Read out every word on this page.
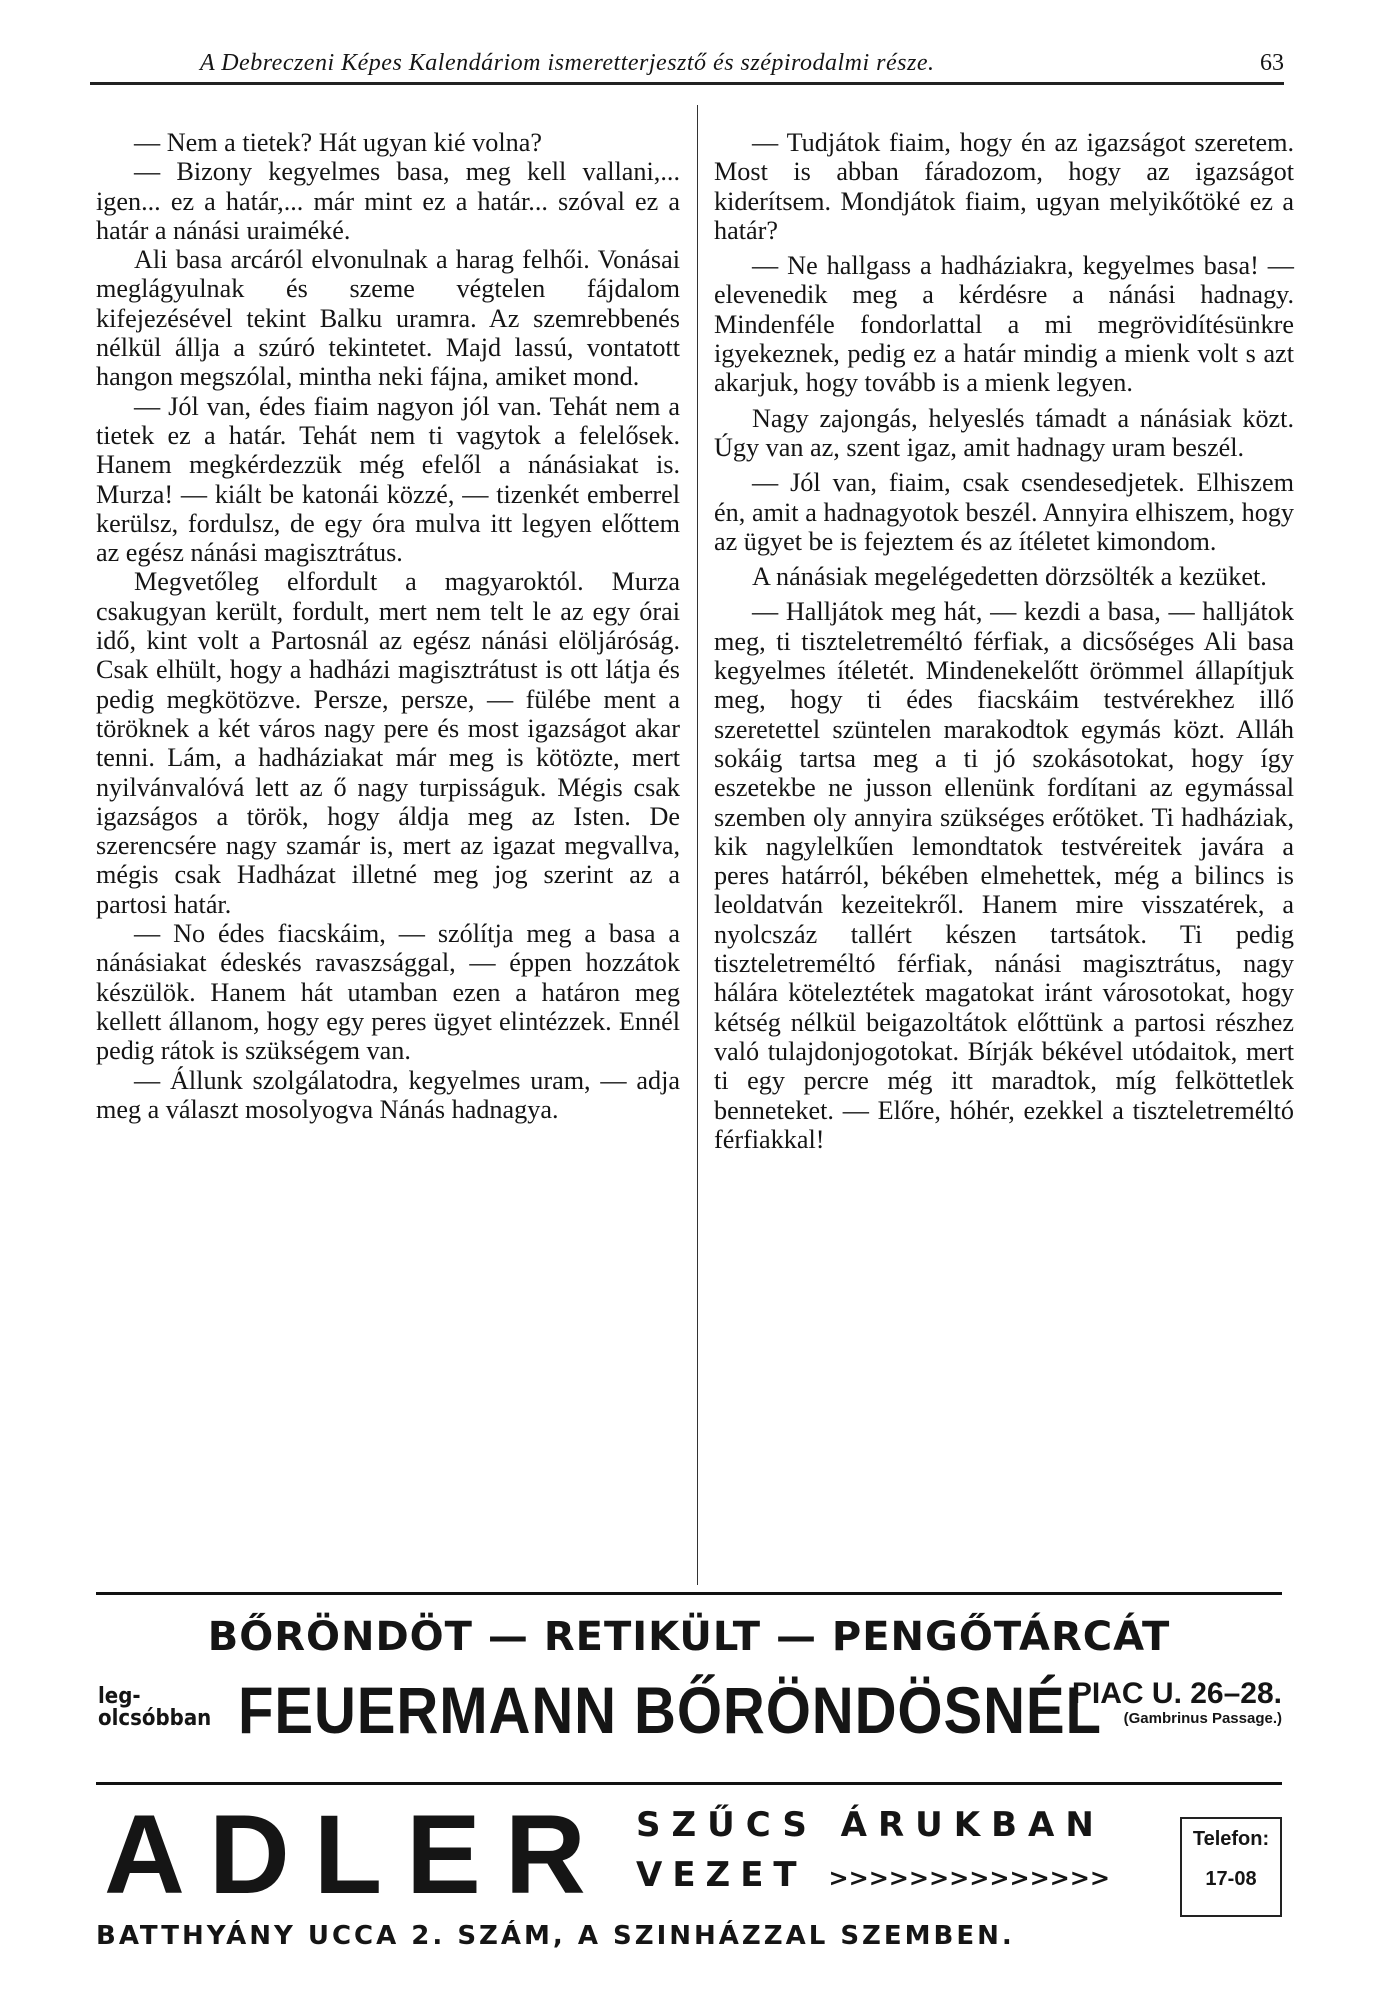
A Debreczeni Képes Kalendáriom ismeretterjesztő és szépirodalmi része.	63

— Nem a tietek? Hát ugyan kié volna?

— Bizony kegyelmes basa, meg kell vallani,... igen... ez a határ,... már mint ez a határ... szóval ez a határ a nánási uraiméké.

Ali basa arcáról elvonulnak a harag felhői. Vonásai meglágyulnak és szeme végtelen fájdalom kifejezésével tekint Balku uramra. Az szemrebbenés nélkül állja a szúró tekintetet. Majd lassú, vontatott hangon megszólal, mintha neki fájna, amiket mond.

— Jól van, édes fiaim nagyon jól van. Tehát nem a tietek ez a határ. Tehát nem ti vagytok a felelősek. Hanem megkérdezzük még efelől a nánásiakat is. Murza! — kiált be katonái közzé, — tizenkét emberrel kerülsz, fordulsz, de egy óra mulva itt legyen előttem az egész nánási magisztrátus.

Megvetőleg elfordult a magyaroktól. Murza csakugyan került, fordult, mert nem telt le az egy órai idő, kint volt a Partosnál az egész nánási elöljáróság. Csak elhült, hogy a hadházi magisztrátust is ott látja és pedig megkötözve. Persze, persze, — fülébe ment a töröknek a két város nagy pere és most igazságot akar tenni. Lám, a hadháziakat már meg is kötözte, mert nyilvánvalóvá lett az ő nagy turpisságuk. Mégis csak igazságos a török, hogy áldja meg az Isten. De szerencsére nagy szamár is, mert az igazat megvallva, mégis csak Hadházat illetné meg jog szerint az a partosi határ.

— No édes fiacskáim, — szólítja meg a basa a nánásiakat édeskés ravaszsággal, — éppen hozzátok készülök. Hanem hát utamban ezen a határon meg kellett állanom, hogy egy peres ügyet elintézzek. Ennél pedig rátok is szükségem van.

— Állunk szolgálatodra, kegyelmes uram, — adja meg a választ mosolyogva Nánás hadnagya.

— Tudjátok fiaim, hogy én az igazságot szeretem. Most is abban fáradozom, hogy az igazságot kiderítsem. Mondjátok fiaim, ugyan melyikőtöké ez a határ?

— Ne hallgass a hadháziakra, kegyelmes basa! — elevenedik meg a kérdésre a nánási hadnagy. Mindenféle fondorlattal a mi megrövidítésünkre igyekeznek, pedig ez a határ mindig a mienk volt s azt akarjuk, hogy tovább is a mienk legyen.

Nagy zajongás, helyeslés támadt a nánásiak közt. Úgy van az, szent igaz, amit hadnagy uram beszél.

— Jól van, fiaim, csak csendesedjetek. Elhiszem én, amit a hadnagyotok beszél. Annyira elhiszem, hogy az ügyet be is fejeztem és az ítéletet kimondom.

A nánásiak megelégedetten dörzsölték a kezüket.

— Halljátok meg hát, — kezdi a basa, — halljátok meg, ti tiszteletreméltó férfiak, a dicsőséges Ali basa kegyelmes ítéletét. Mindenekelőtt örömmel állapítjuk meg, hogy ti édes fiacskáim testvérekhez illő szeretettel szüntelen marakodtok egymás közt. Alláh sokáig tartsa meg a ti jó szokásotokat, hogy így eszetekbe ne jusson ellenünk fordítani az egymással szemben oly annyira szükséges erőtöket. Ti hadháziak, kik nagylelkűen lemondtatok testvéreitek javára a peres határról, békében elmehettek, még a bilincs is leoldatván kezeitekről. Hanem mire visszatérek, a nyolcszáz tallért készen tartsátok. Ti pedig tiszteletreméltó férfiak, nánási magisztrátus, nagy hálára köteleztétek magatokat iránt városotokat, hogy kétség nélkül beigazoltátok előttünk a partosi részhez való tulajdonjogotokat. Bírják békével utódaitok, mert ti egy percre még itt maradtok, míg felköttetlek benneteket. — Előre, hóhér, ezekkel a tiszteletreméltó férfiakkal!

BŐRÖNDÖT — RETIKÜLT — PENGŐTÁRCÁT
leg-
olcsóbban FEUERMANN BŐRÖNDÖSNÉL
PIAC U. 26–28.
(Gambrinus Passage.)
ADLER SZŰCS ÁRUKBAN
VEZET >>>>>>>>>>>>>>
Telefon:
17-08
BATTHYÁNY UCCA 2. SZÁM, A SZINHÁZZAL SZEMBEN.
